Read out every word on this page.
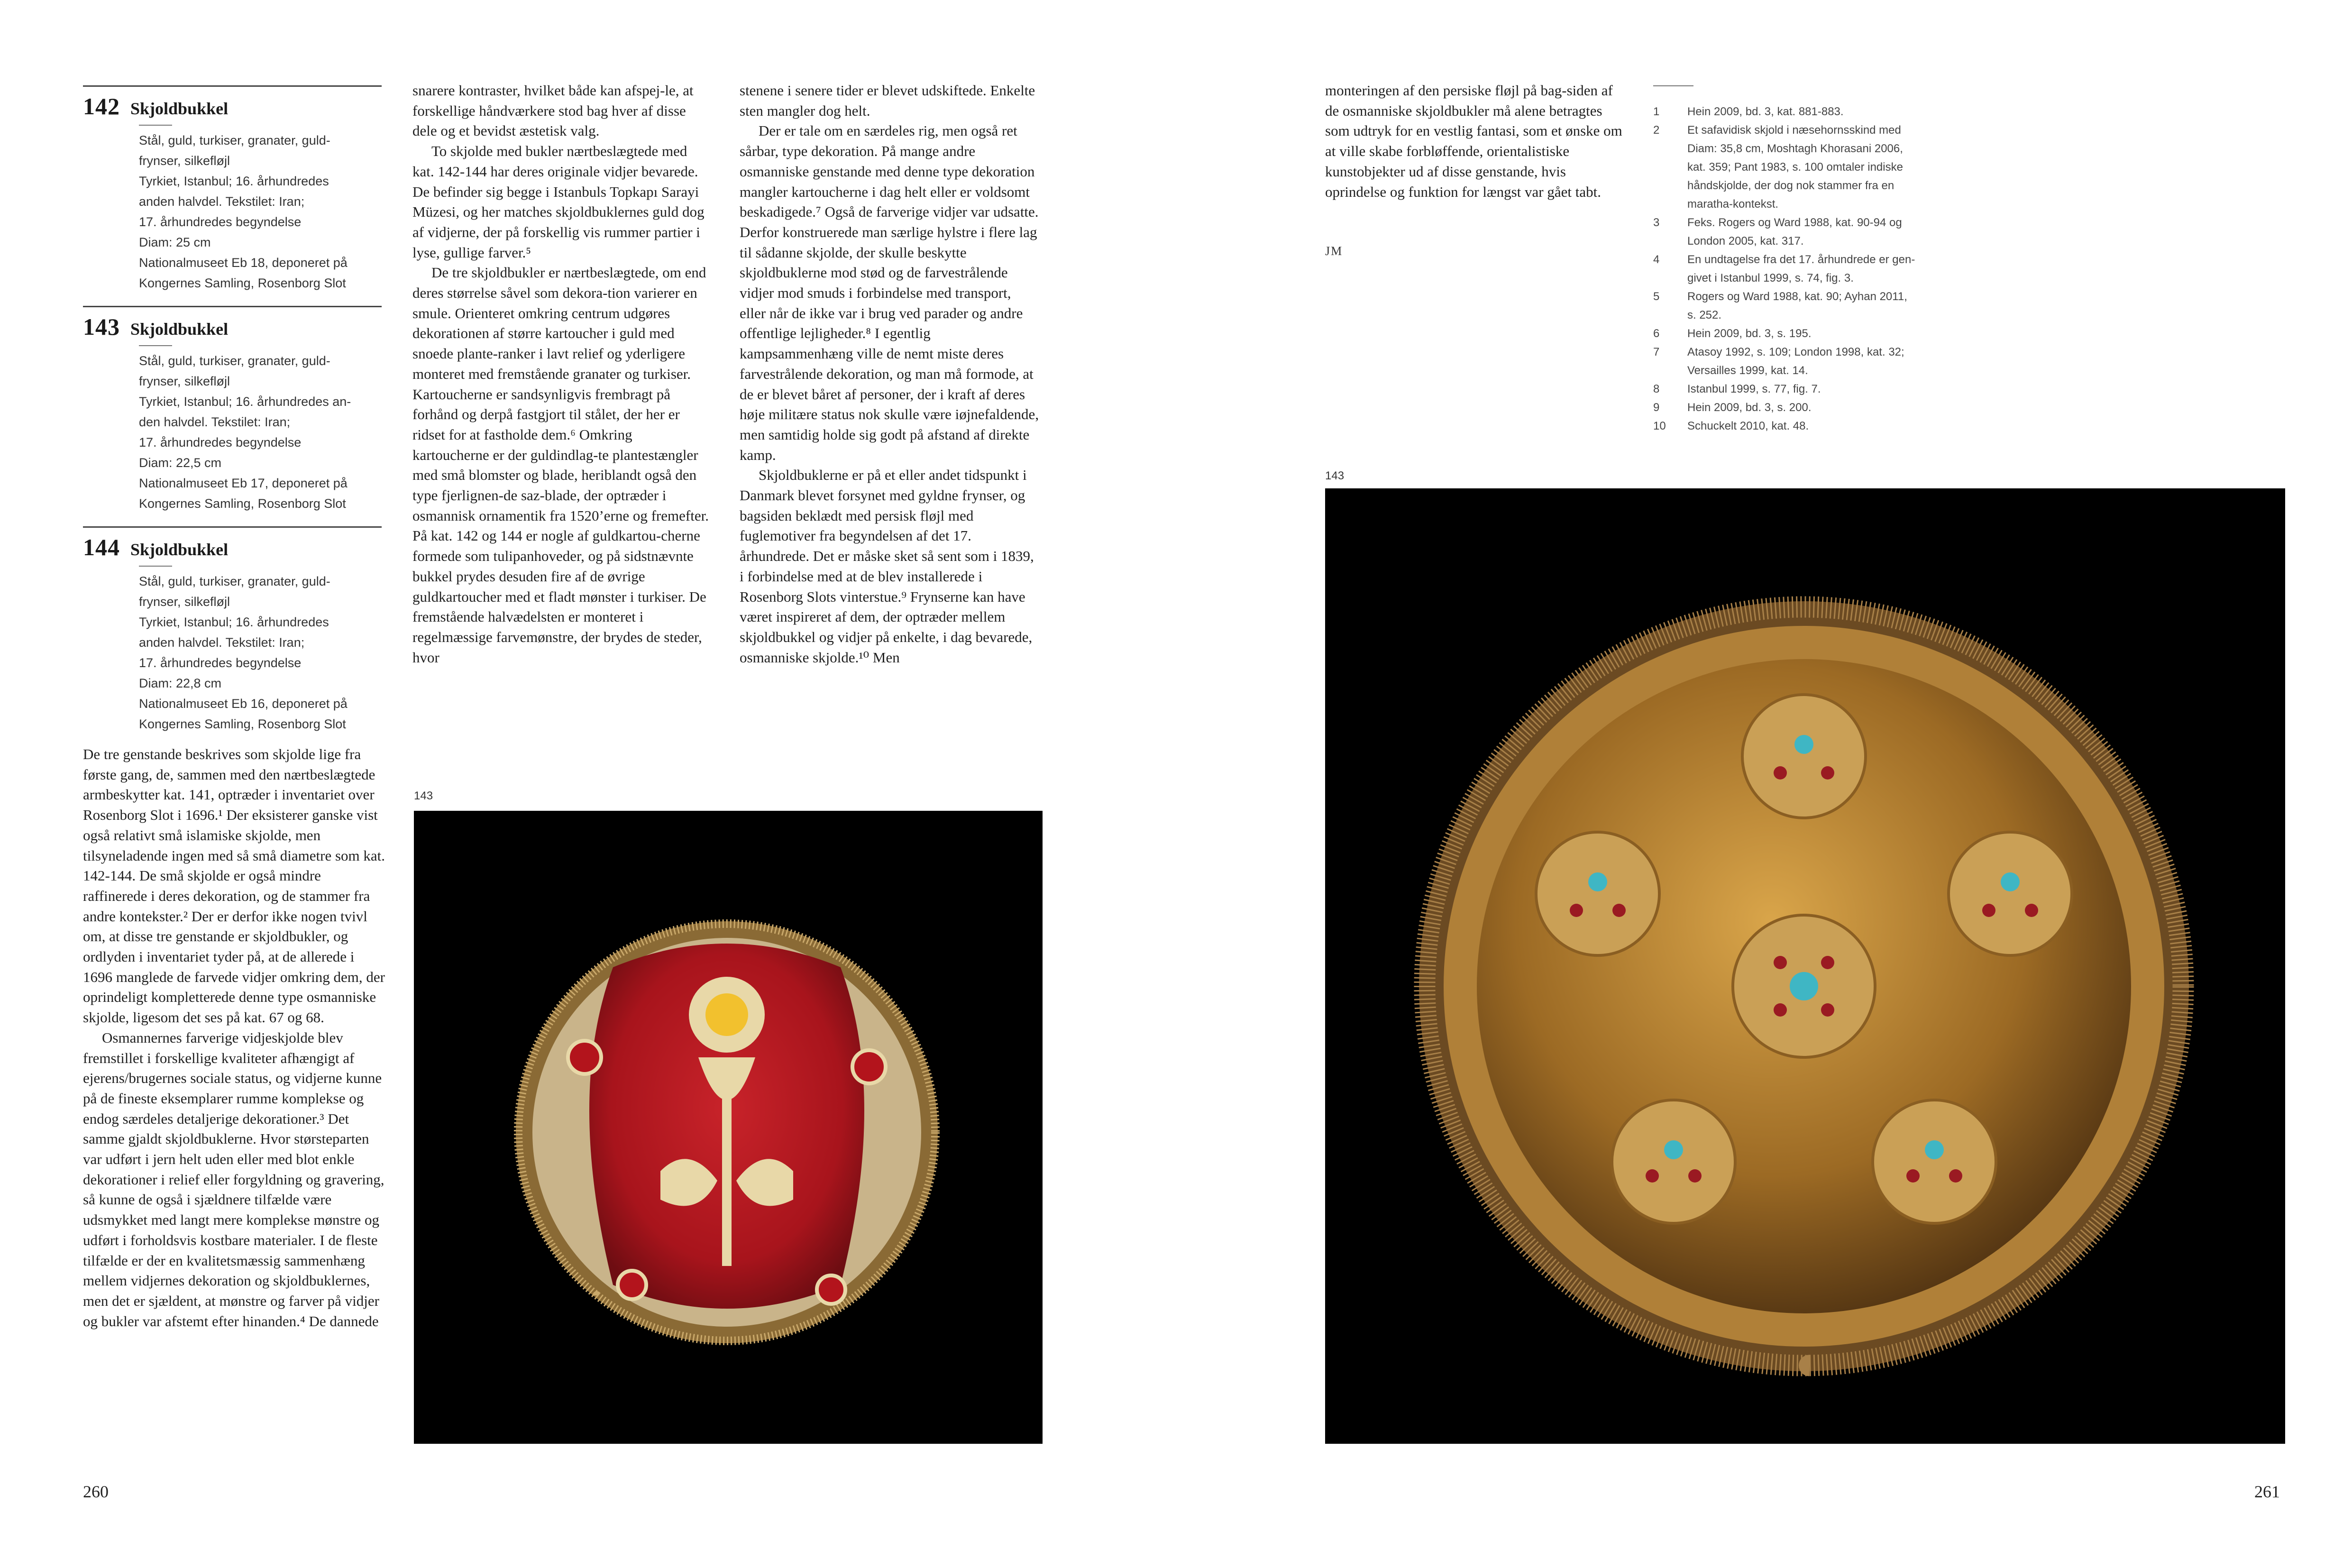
142 Skjoldbukkel
Stål, guld, turkiser, granater, guld-
frynser, silkefløjl
Tyrkiet, Istanbul; 16. århundredes
anden halvdel. Tekstilet: Iran;
17. århundredes begyndelse
Diam: 25 cm
Nationalmuseet Eb 18, deponeret på
Kongernes Samling, Rosenborg Slot
143 Skjoldbukkel
Stål, guld, turkiser, granater, guld-
frynser, silkefløjl
Tyrkiet, Istanbul; 16. århundredes an-
den halvdel. Tekstilet: Iran;
17. århundredes begyndelse
Diam: 22,5 cm
Nationalmuseet Eb 17, deponeret på
Kongernes Samling, Rosenborg Slot
144 Skjoldbukkel
Stål, guld, turkiser, granater, guld-
frynser, silkefløjl
Tyrkiet, Istanbul; 16. århundredes
anden halvdel. Tekstilet: Iran;
17. århundredes begyndelse
Diam: 22,8 cm
Nationalmuseet Eb 16, deponeret på
Kongernes Samling, Rosenborg Slot

De tre genstande beskrives som skjolde lige fra første gang, de, sammen med den nærtbeslægtede armbeskytter kat. 141, optræder i inventariet over Rosenborg Slot i 1696.¹ Der eksisterer ganske vist også relativt små islamiske skjolde, men tilsyneladende ingen med så små diametre som kat. 142-144. De små skjolde er også mindre raffinerede i deres dekoration, og de stammer fra andre kontekster.² Der er derfor ikke nogen tvivl om, at disse tre genstande er skjoldbukler, og ordlyden i inventariet tyder på, at de allerede i 1696 manglede de farvede vidjer omkring dem, der oprindeligt kompletterede denne type osmanniske skjolde, ligesom det ses på kat. 67 og 68.

Osmannernes farverige vidjeskjolde blev fremstillet i forskellige kvaliteter afhængigt af ejerens/brugernes sociale status, og vidjerne kunne på de fineste eksemplarer rumme komplekse og endog særdeles detaljerige dekorationer.³ Det samme gjaldt skjoldbuklerne. Hvor størsteparten var udført i jern helt uden eller med blot enkle dekorationer i relief eller forgyldning og gravering, så kunne de også i sjældnere tilfælde være udsmykket med langt mere komplekse mønstre og udført i forholdsvis kostbare materialer. I de fleste tilfælde er der en kvalitetsmæssig sammenhæng mellem vidjernes dekoration og skjoldbuklernes, men det er sjældent, at mønstre og farver på vidjer og bukler var afstemt efter hinanden.⁴ De dannede

snarere kontraster, hvilket både kan afspej-le, at forskellige håndværkere stod bag hver af disse dele og et bevidst æstetisk valg.

To skjolde med bukler nærtbeslægtede med kat. 142-144 har deres originale vidjer bevarede. De befinder sig begge i Istanbuls Topkapı Sarayi Müzesi, og her matches skjoldbuklernes guld dog af vidjerne, der på forskellig vis rummer partier i lyse, gullige farver.⁵

De tre skjoldbukler er nærtbeslægtede, om end deres størrelse såvel som dekora-tion varierer en smule. Orienteret omkring centrum udgøres dekorationen af større kartoucher i guld med snoede plante-ranker i lavt relief og yderligere monteret med fremstående granater og turkiser. Kartoucherne er sandsynligvis frembragt på forhånd og derpå fastgjort til stålet, der her er ridset for at fastholde dem.⁶ Omkring kartoucherne er der guldindlag-te plantestængler med små blomster og blade, heriblandt også den type fjerlignen-de saz-blade, der optræder i osmannisk ornamentik fra 1520’erne og fremefter. På kat. 142 og 144 er nogle af guldkartou-cherne formede som tulipanhoveder, og på sidstnævnte bukkel prydes desuden fire af de øvrige guldkartoucher med et fladt mønster i turkiser. De fremstående halvædelsten er monteret i regelmæssige farvemønstre, der brydes de steder, hvor

stenene i senere tider er blevet udskiftede. Enkelte sten mangler dog helt.

Der er tale om en særdeles rig, men også ret sårbar, type dekoration. På mange andre osmanniske genstande med denne type dekoration mangler kartoucherne i dag helt eller er voldsomt beskadigede.⁷ Også de farverige vidjer var udsatte. Derfor konstruerede man særlige hylstre i flere lag til sådanne skjolde, der skulle beskytte skjoldbuklerne mod stød og de farvestrålende vidjer mod smuds i forbindelse med transport, eller når de ikke var i brug ved parader og andre offentlige lejligheder.⁸ I egentlig kampsammenhæng ville de nemt miste deres farvestrålende dekoration, og man må formode, at de er blevet båret af personer, der i kraft af deres høje militære status nok skulle være iøjnefaldende, men samtidig holde sig godt på afstand af direkte kamp.

Skjoldbuklerne er på et eller andet tidspunkt i Danmark blevet forsynet med gyldne frynser, og bagsiden beklædt med persisk fløjl med fuglemotiver fra begyndelsen af det 17. århundrede. Det er måske sket så sent som i 1839, i forbindelse med at de blev installerede i Rosenborg Slots vinterstue.⁹ Frynserne kan have været inspireret af dem, der optræder mellem skjoldbukkel og vidjer på enkelte, i dag bevarede, osmanniske skjolde.¹⁰ Men

monteringen af den persiske fløjl på bag-siden af de osmanniske skjoldbukler må alene betragtes som udtryk for en vestlig fantasi, som et ønske om at ville skabe forbløffende, orientalistiske kunstobjekter ud af disse genstande, hvis oprindelse og funktion for længst var gået tabt.

JM
1	Hein 2009, bd. 3, kat. 881-883.
2	Et safavidisk skjold i næsehornsskind med
Diam: 35,8 cm, Moshtagh Khorasani 2006,
kat. 359; Pant 1983, s. 100 omtaler indiske
håndskjolde, der dog nok stammer fra en
maratha-kontekst.
3	Feks. Rogers og Ward 1988, kat. 90-94 og
London 2005, kat. 317.
4	En undtagelse fra det 17. århundrede er gen-
givet i Istanbul 1999, s. 74, fig. 3.
5	Rogers og Ward 1988, kat. 90; Ayhan 2011,
s. 252.
6	Hein 2009, bd. 3, s. 195.
7	Atasoy 1992, s. 109; London 1998, kat. 32;
Versailles 1999, kat. 14.
8	Istanbul 1999, s. 77, fig. 7.
9	Hein 2009, bd. 3, s. 200.
10	Schuckelt 2010, kat. 48.
143
143
260	261
